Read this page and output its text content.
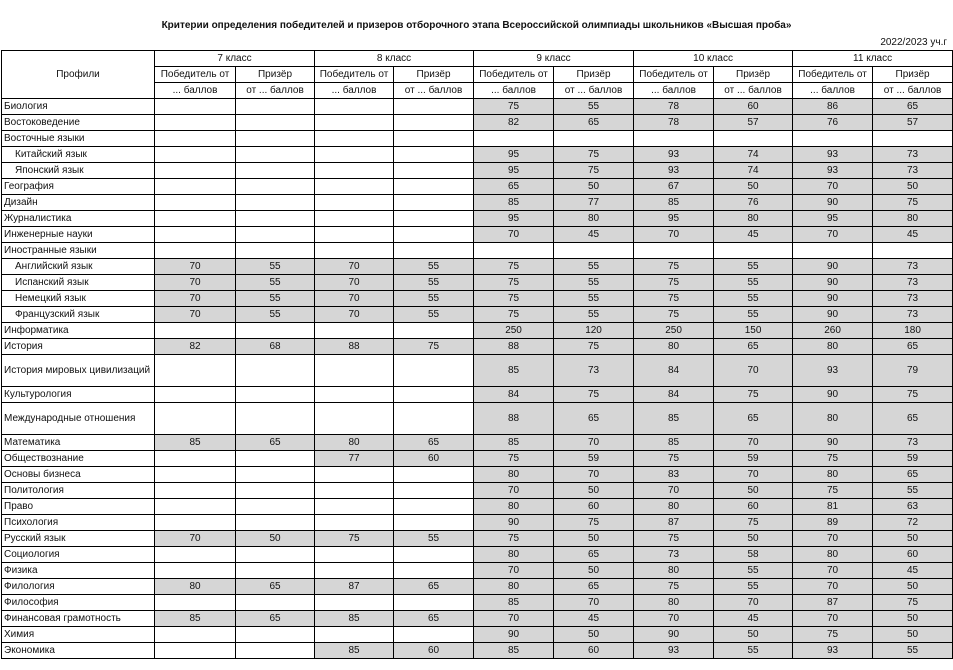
Критерии определения победителей и призеров отборочного этапа Всероссийской олимпиады школьников «Высшая проба»
2022/2023 уч.г
Профили	7 класс		8 класс		9 класс		10 класс		11 класс	
	Победитель от	Призёр	Победитель от	Призёр	Победитель от	Призёр	Победитель от	Призёр	Победитель от	Призёр
	... баллов	от ... баллов	... баллов	от ... баллов	... баллов	от ... баллов	... баллов	от ... баллов	... баллов	от ... баллов
Биология					75	55	78	60	86	65
Востоковедение					82	65	78	57	76	57
Восточные языки										
Китайский язык					95	75	93	74	93	73
Японский язык					95	75	93	74	93	73
География					65	50	67	50	70	50
Дизайн					85	77	85	76	90	75
Журналистика					95	80	95	80	95	80
Инженерные науки					70	45	70	45	70	45
Иностранные языки										
Английский язык	70	55	70	55	75	55	75	55	90	73
Испанский язык	70	55	70	55	75	55	75	55	90	73
Немецкий язык	70	55	70	55	75	55	75	55	90	73
Французский язык	70	55	70	55	75	55	75	55	90	73
Информатика					250	120	250	150	260	180
История	82	68	88	75	88	75	80	65	80	65
История мировых цивилизаций					85	73	84	70	93	79
Культурология					84	75	84	75	90	75
Международные отношения					88	65	85	65	80	65
Математика	85	65	80	65	85	70	85	70	90	73
Обществознание			77	60	75	59	75	59	75	59
Основы бизнеса					80	70	83	70	80	65
Политология					70	50	70	50	75	55
Право					80	60	80	60	81	63
Психология					90	75	87	75	89	72
Русский язык	70	50	75	55	75	50	75	50	70	50
Социология					80	65	73	58	80	60
Физика					70	50	80	55	70	45
Филология	80	65	87	65	80	65	75	55	70	50
Философия					85	70	80	70	87	75
Финансовая грамотность	85	65	85	65	70	45	70	45	70	50
Химия					90	50	90	50	75	50
Экономика			85	60	85	60	93	55	93	55
